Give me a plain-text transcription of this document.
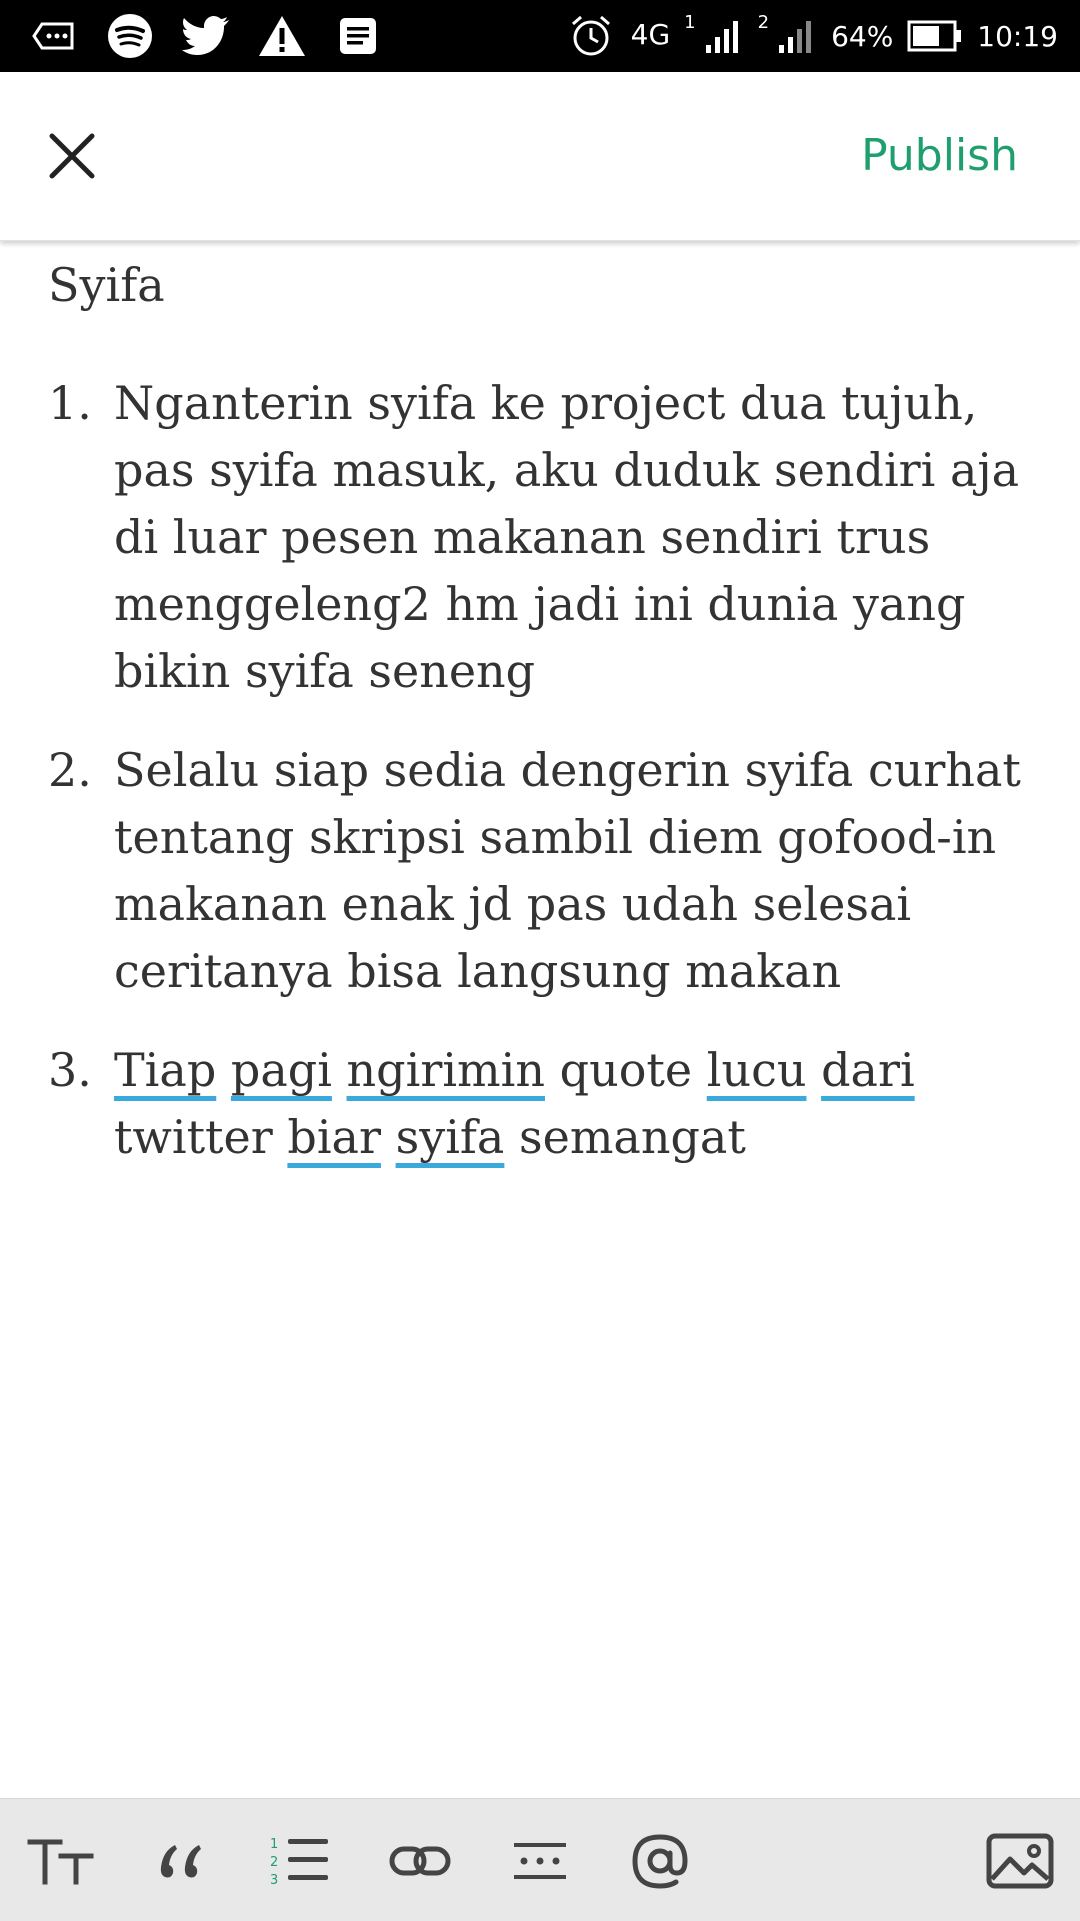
4G 1	2 64%	10:19
Publish
Syifa
1. Nganterin syifa ke project dua tujuh, pas syifa masuk, aku duduk sendiri aja di luar pesen makanan sendiri trus menggeleng2 hm jadi ini dunia yang bikin syifa seneng
2. Selalu siap sedia dengerin syifa curhat tentang skripsi sambil diem gofood-in makanan enak jd pas udah selesai ceritanya bisa langsung makan
3. Tiap pagi ngirimin quote lucu dari twitter biar syifa semangat
1
2
3
